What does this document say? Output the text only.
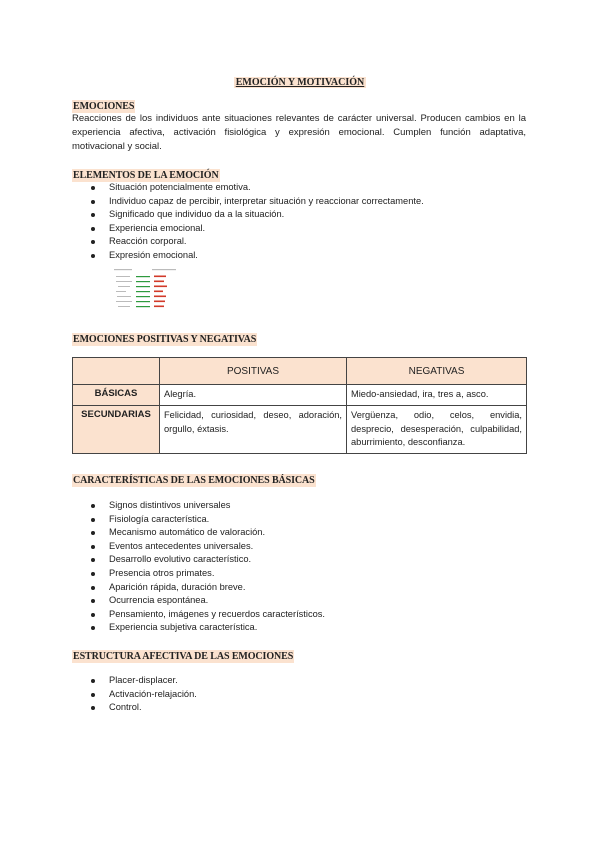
EMOCIÓN Y MOTIVACIÓN
EMOCIONES
Reacciones de los individuos ante situaciones relevantes de carácter universal. Producen cambios en la experiencia afectiva, activación fisiológica y expresión emocional. Cumplen función adaptativa, motivacional y social.
ELEMENTOS DE LA EMOCIÓN
Situación potencialmente emotiva.
Individuo capaz de percibir, interpretar situación y reaccionar correctamente.
Significado que individuo da a la situación.
Experiencia emocional.
Reacción corporal.
Expresión emocional.
EMOCIONES POSITIVAS Y NEGATIVAS
	POSITIVAS	NEGATIVAS
BÁSICAS	Alegría.	Miedo-ansiedad, ira, tres a, asco.
SECUNDARIAS	Felicidad, curiosidad, deseo, adoración, orgullo, éxtasis.	Vergüenza, odio, celos, envidia, desprecio, desesperación, culpabilidad, aburrimiento, desconfianza.
CARACTERÍSTICAS DE LAS EMOCIONES BÁSICAS
Signos distintivos universales
Fisiología característica.
Mecanismo automático de valoración.
Eventos antecedentes universales.
Desarrollo evolutivo característico.
Presencia otros primates.
Aparición rápida, duración breve.
Ocurrencia espontánea.
Pensamiento, imágenes y recuerdos característicos.
Experiencia subjetiva característica.
ESTRUCTURA AFECTIVA DE LAS EMOCIONES
Placer-displacer.
Activación-relajación.
Control.
